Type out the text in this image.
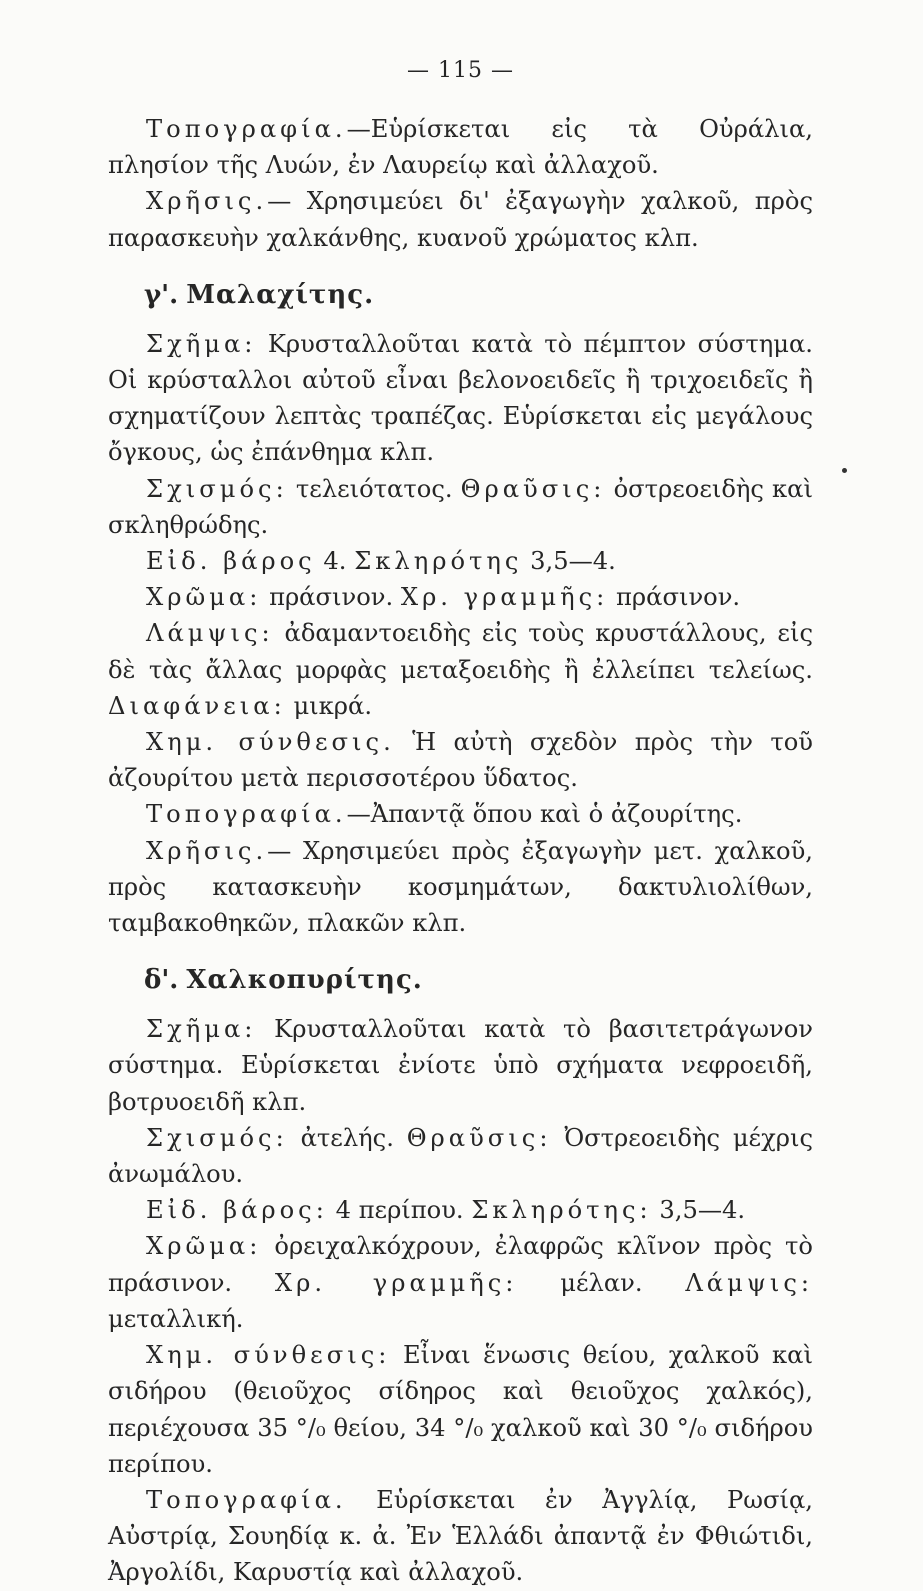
— 115 —

Τοπογραφία.—Εὑρίσκεται εἰς τὰ Οὐράλια, πλησίον τῆς Λυών, ἐν Λαυρείῳ καὶ ἀλλαχοῦ.

Χρῆσις.— Χρησιμεύει δι' ἐξαγωγὴν χαλκοῦ, πρὸς παρασκευὴν χαλκάνθης, κυανοῦ χρώματος κλπ.

γ'. Μαλαχίτης.

Σχῆμα: Κρυσταλλοῦται κατὰ τὸ πέμπτον σύστημα. Οἱ κρύσταλλοι αὐτοῦ εἶναι βελονοειδεῖς ἢ τριχοειδεῖς ἢ σχηματίζουν λεπτὰς τραπέζας. Εὑρίσκεται εἰς μεγάλους ὄγκους, ὡς ἐπάνθημα κλπ.

Σχισμός: τελειότατος. Θραῦσις: ὀστρεοειδὴς καὶ σκληθρώδης.

Εἰδ. βάρος 4. Σκληρότης 3,5—4.

Χρῶμα: πράσινον. Χρ. γραμμῆς: πράσινον.

Λάμψις: ἀδαμαντοειδὴς εἰς τοὺς κρυστάλλους, εἰς δὲ τὰς ἄλλας μορφὰς μεταξοειδὴς ἢ ἐλλείπει τελείως. Διαφάνεια: μικρά.

Χημ. σύνθεσις. Ἡ αὐτὴ σχεδὸν πρὸς τὴν τοῦ ἀζουρίτου μετὰ περισσοτέρου ὕδατος.

Τοπογραφία.—Ἀπαντᾷ ὅπου καὶ ὁ ἀζουρίτης.

Χρῆσις.— Χρησιμεύει πρὸς ἐξαγωγὴν μετ. χαλκοῦ, πρὸς κατασκευὴν κοσμημάτων, δακτυλιολίθων, ταμβακοθηκῶν, πλακῶν κλπ.

δ'. Χαλκοπυρίτης.

Σχῆμα: Κρυσταλλοῦται κατὰ τὸ βασιτετράγωνον σύστημα. Εὑρίσκεται ἐνίοτε ὑπὸ σχήματα νεφροειδῆ, βοτρυοειδῆ κλπ.

Σχισμός: ἀτελής. Θραῦσις: Ὀστρεοειδὴς μέχρις ἀνωμάλου.

Εἰδ. βάρος: 4 περίπου. Σκληρότης: 3,5—4.

Χρῶμα: ὀρειχαλκόχρουν, ἐλαφρῶς κλῖνον πρὸς τὸ πράσινον. Χρ. γραμμῆς: μέλαν. Λάμψις: μεταλλική.

Χημ. σύνθεσις: Εἶναι ἕνωσις θείου, χαλκοῦ καὶ σιδήρου (θειοῦχος σίδηρος καὶ θειοῦχος χαλκός), περιέχουσα 35 °/₀ θείου, 34 °/₀ χαλκοῦ καὶ 30 °/₀ σιδήρου περίπου.

Τοπογραφία. Εὑρίσκεται ἐν Ἀγγλίᾳ, Ρωσίᾳ, Αὐστρίᾳ, Σουηδίᾳ κ. ἀ. Ἐν Ἑλλάδι ἀπαντᾷ ἐν Φθιώτιδι, Ἀργολίδι, Καρυστίᾳ καὶ ἀλλαχοῦ.
